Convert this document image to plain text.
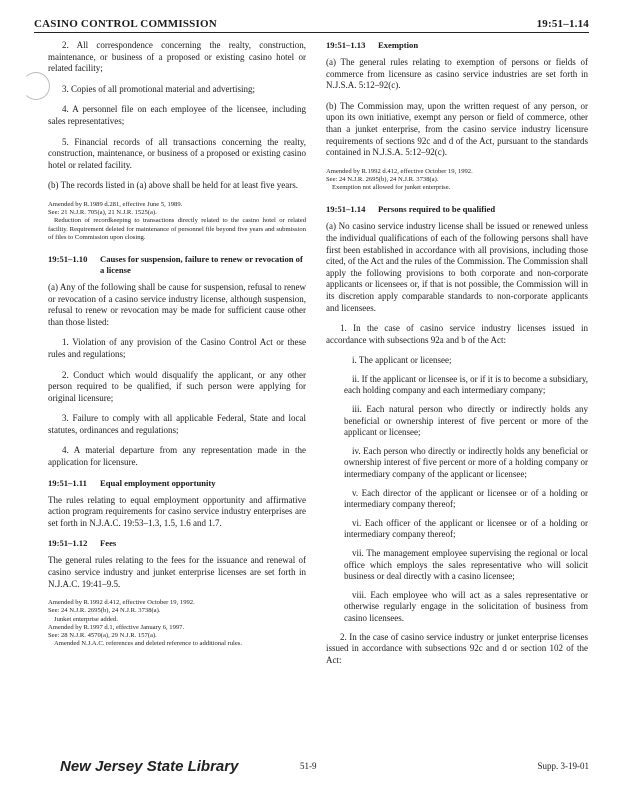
CASINO CONTROL COMMISSION	19:51–1.14

2. All correspondence concerning the realty, construction, maintenance, or business of a proposed or existing casino hotel or related facility;

3. Copies of all promotional material and advertising;

4. A personnel file on each employee of the licensee, including sales representatives;

5. Financial records of all transactions concerning the realty, construction, maintenance, or business of a proposed or existing casino hotel or related facility.

(b) The records listed in (a) above shall be held for at least five years.

Amended by R.1989 d.281, effective June 5, 1989.

See: 21 N.J.R. 705(a), 21 N.J.R. 1525(a).

Reduction of recordkeeping to transactions directly related to the casino hotel or related facility. Requirement deleted for maintenance of personnel file beyond five years and submission of files to Commission upon closing.

19:51–1.10	Causes for suspension, failure to renew or revocation of a license

(a) Any of the following shall be cause for suspension, refusal to renew or revocation of a casino service industry license, although suspension, refusal to renew or revocation may be made for sufficient cause other than those listed:

1. Violation of any provision of the Casino Control Act or these rules and regulations;

2. Conduct which would disqualify the applicant, or any other person required to be qualified, if such person were applying for original licensure;

3. Failure to comply with all applicable Federal, State and local statutes, ordinances and regulations;

4. A material departure from any representation made in the application for licensure.

19:51–1.11	Equal employment opportunity

The rules relating to equal employment opportunity and affirmative action program requirements for casino service industry enterprises are set forth in N.J.A.C. 19:53–1.3, 1.5, 1.6 and 1.7.

19:51–1.12	Fees

The general rules relating to the fees for the issuance and renewal of casino service industry and junket enterprise licenses are set forth in N.J.A.C. 19:41–9.5.

Amended by R.1992 d.412, effective October 19, 1992.

See: 24 N.J.R. 2695(b), 24 N.J.R. 3738(a).

Junket enterprise added.

Amended by R.1997 d.1, effective January 6, 1997.

See: 28 N.J.R. 4570(a), 29 N.J.R. 157(a).

Amended N.J.A.C. references and deleted reference to additional rules.

19:51–1.13	Exemption

(a) The general rules relating to exemption of persons or fields of commerce from licensure as casino service industries are set forth in N.J.S.A. 5:12–92(c).

(b) The Commission may, upon the written request of any person, or upon its own initiative, exempt any person or field of commerce, other than a junket enterprise, from the casino service industry licensure requirements of sections 92c and d of the Act, pursuant to the standards contained in N.J.S.A. 5:12–92(c).

Amended by R.1992 d.412, effective October 19, 1992.

See: 24 N.J.R. 2695(b), 24 N.J.R. 3738(a).

Exemption not allowed for junket enterprise.

19:51–1.14	Persons required to be qualified

(a) No casino service industry license shall be issued or renewed unless the individual qualifications of each of the following persons shall have first been established in accordance with all provisions, including those cited, of the Act and the rules of the Commission. The Commission shall apply the following provisions to both corporate and non-corporate applicants or licensees or, if that is not possible, the Commission will in its discretion apply comparable standards to non-corporate applicants and licensees.

1. In the case of casino service industry licenses issued in accordance with subsections 92a and b of the Act:

i. The applicant or licensee;

ii. If the applicant or licensee is, or if it is to become a subsidiary, each holding company and each intermediary company;

iii. Each natural person who directly or indirectly holds any beneficial or ownership interest of five percent or more of the applicant or licensee;

iv. Each person who directly or indirectly holds any beneficial or ownership interest of five percent or more of a holding company or intermediary company of the applicant or licensee;

v. Each director of the applicant or licensee or of a holding or intermediary company thereof;

vi. Each officer of the applicant or licensee or of a holding or intermediary company thereof;

vii. The management employee supervising the regional or local office which employs the sales representative who will solicit business or deal directly with a casino licensee;

viii. Each employee who will act as a sales representative or otherwise regularly engage in the solicitation of business from casino licensees.

2. In the case of casino service industry or junket enterprise licenses issued in accordance with subsections 92c and d or section 102 of the Act:

New Jersey State Library	51-9	Supp. 3-19-01
